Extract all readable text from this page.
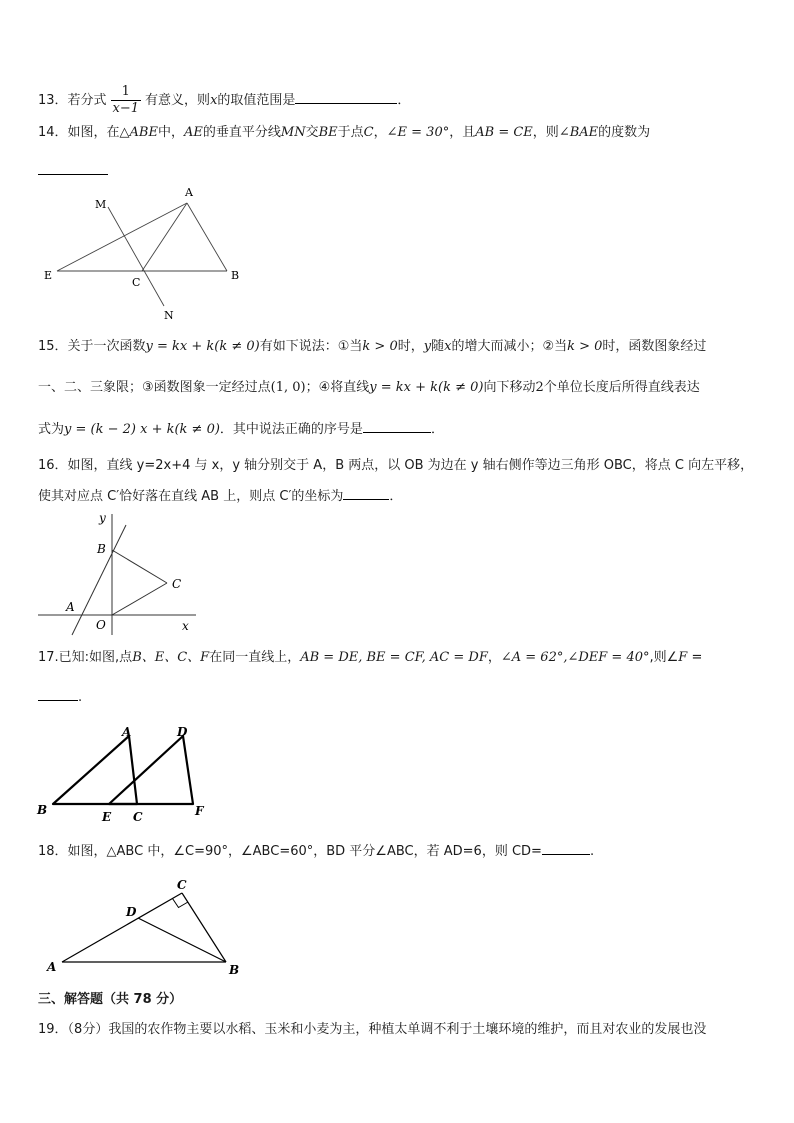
13．若分式 $\frac{1}{x-1}$ 有意义，则x的取值范围是	．
14．如图，在△ABE中，AE的垂直平分线MN交BE于点C，∠E = 30°，且AB = CE，则∠BAE的度数为
M
A
E
C
B
N
15．关于一次函数y = kx + k(k ≠ 0)有如下说法：①当k > 0时，y随x的增大而减小；②当k > 0时，函数图象经过
一、二、三象限；③函数图象一定经过点(1, 0)；④将直线y = kx + k(k ≠ 0)向下移动2个单位长度后所得直线表达
式为y = (k − 2) x + k(k ≠ 0)．其中说法正确的序号是	．
16．如图，直线 y=2x+4 与 x，y 轴分别交于 A，B 两点，以 OB 为边在 y 轴右侧作等边三角形 OBC，将点 C 向左平移，
使其对应点 C′恰好落在直线 AB 上，则点 C′的坐标为	．
y
B
C
A
O	x
17.已知:如图,点B、E、C、F在同一直线上，AB = DE, BE = CF, AC = DF，∠A = 62°,∠DEF = 40°,则∠F =
.
A	D
B	E C	F
18．如图，△ABC 中，∠C=90°，∠ABC=60°，BD 平分∠ABC，若 AD=6，则 CD=	.
C
D
A	B
三、解答题（共 78 分）
19．（8分）我国的农作物主要以水稻、玉米和小麦为主，种植太单调不利于土壤环境的维护，而且对农业的发展也没
